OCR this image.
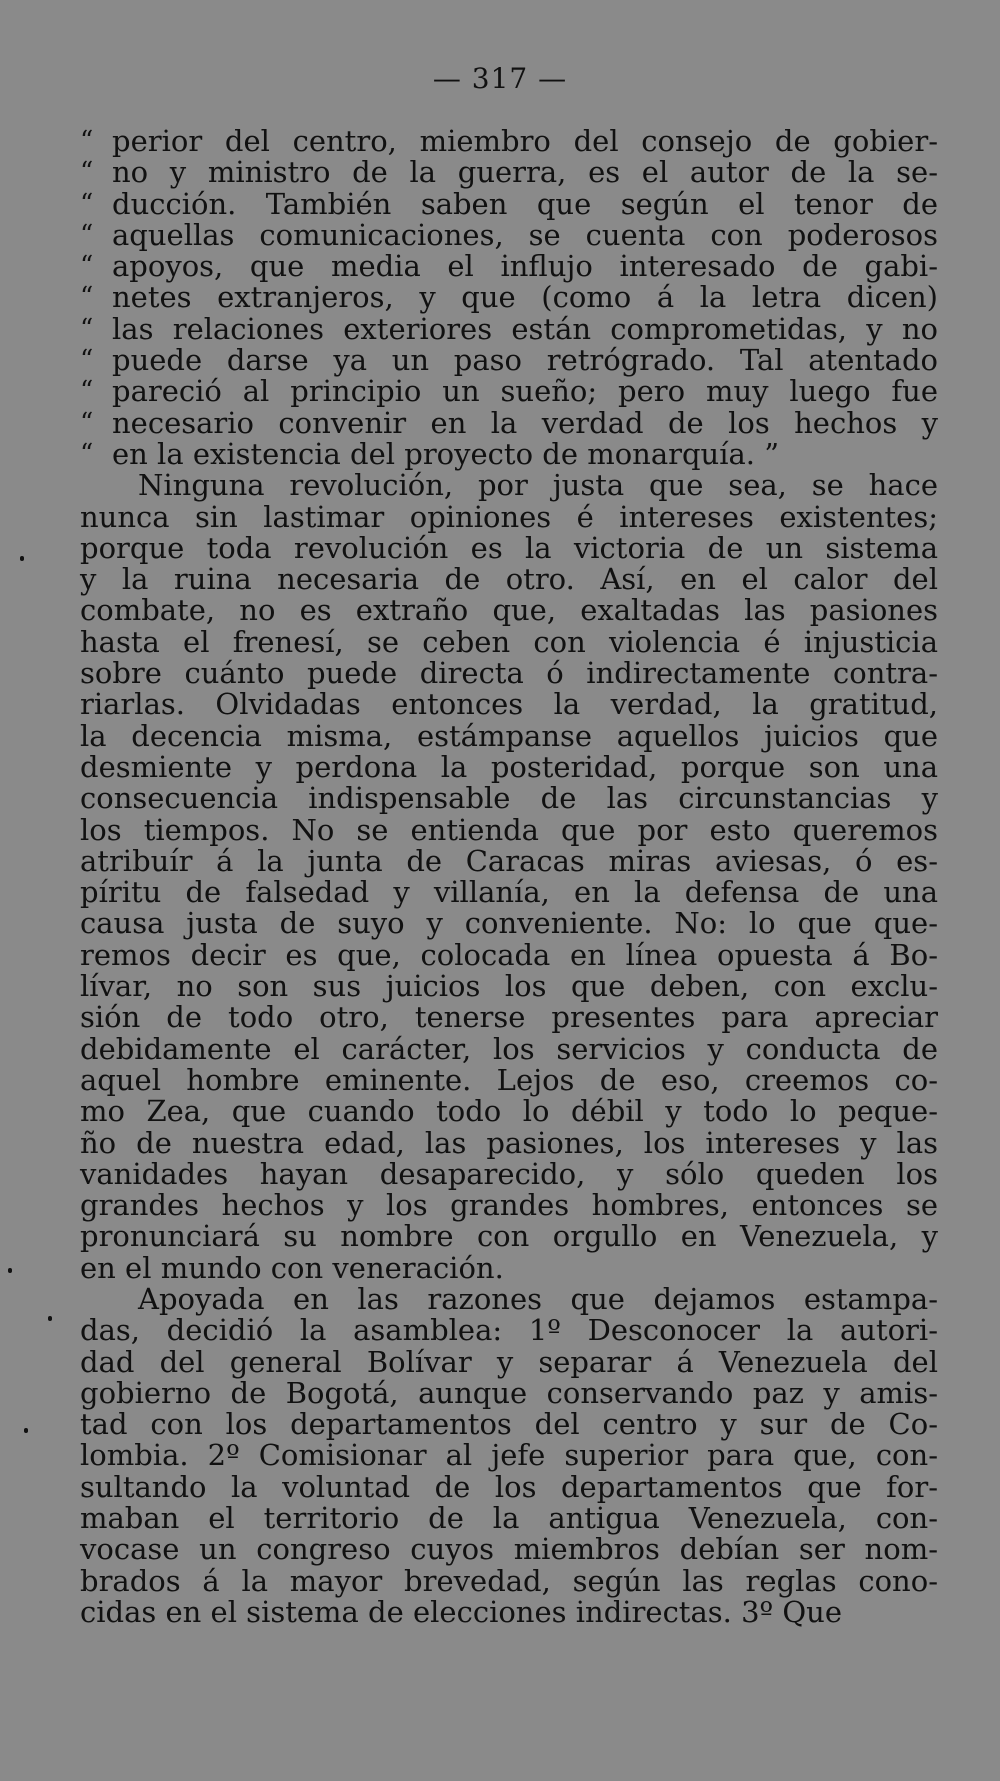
— 317 —
“ perior del centro, miembro del consejo de gobier-
“ no y ministro de la guerra, es el autor de la se-
“ ducción. También saben que según el tenor de
“ aquellas comunicaciones, se cuenta con poderosos
“ apoyos, que media el influjo interesado de gabi-
“ netes extranjeros, y que (como á la letra dicen)
“ las relaciones exteriores están comprometidas, y no
“ puede darse ya un paso retrógrado. Tal atentado
“ pareció al principio un sueño; pero muy luego fue
“ necesario convenir en la verdad de los hechos y
“ en la existencia del proyecto de monarquía. ”
Ninguna revolución, por justa que sea, se hace
nunca sin lastimar opiniones é intereses existentes;
porque toda revolución es la victoria de un sistema
y la ruina necesaria de otro. Así, en el calor del
combate, no es extraño que, exaltadas las pasiones
hasta el frenesí, se ceben con violencia é injusticia
sobre cuánto puede directa ó indirectamente contra-
riarlas. Olvidadas entonces la verdad, la gratitud,
la decencia misma, estámpanse aquellos juicios que
desmiente y perdona la posteridad, porque son una
consecuencia indispensable de las circunstancias y
los tiempos. No se entienda que por esto queremos
atribuír á la junta de Caracas miras aviesas, ó es-
píritu de falsedad y villanía, en la defensa de una
causa justa de suyo y conveniente. No: lo que que-
remos decir es que, colocada en línea opuesta á Bo-
lívar, no son sus juicios los que deben, con exclu-
sión de todo otro, tenerse presentes para apreciar
debidamente el carácter, los servicios y conducta de
aquel hombre eminente. Lejos de eso, creemos co-
mo Zea, que cuando todo lo débil y todo lo peque-
ño de nuestra edad, las pasiones, los intereses y las
vanidades hayan desaparecido, y sólo queden los
grandes hechos y los grandes hombres, entonces se
pronunciará su nombre con orgullo en Venezuela, y
en el mundo con veneración.
Apoyada en las razones que dejamos estampa-
das, decidió la asamblea: 1º Desconocer la autori-
dad del general Bolívar y separar á Venezuela del
gobierno de Bogotá, aunque conservando paz y amis-
tad con los departamentos del centro y sur de Co-
lombia. 2º Comisionar al jefe superior para que, con-
sultando la voluntad de los departamentos que for-
maban el territorio de la antigua Venezuela, con-
vocase un congreso cuyos miembros debían ser nom-
brados á la mayor brevedad, según las reglas cono-
cidas en el sistema de elecciones indirectas. 3º Que
